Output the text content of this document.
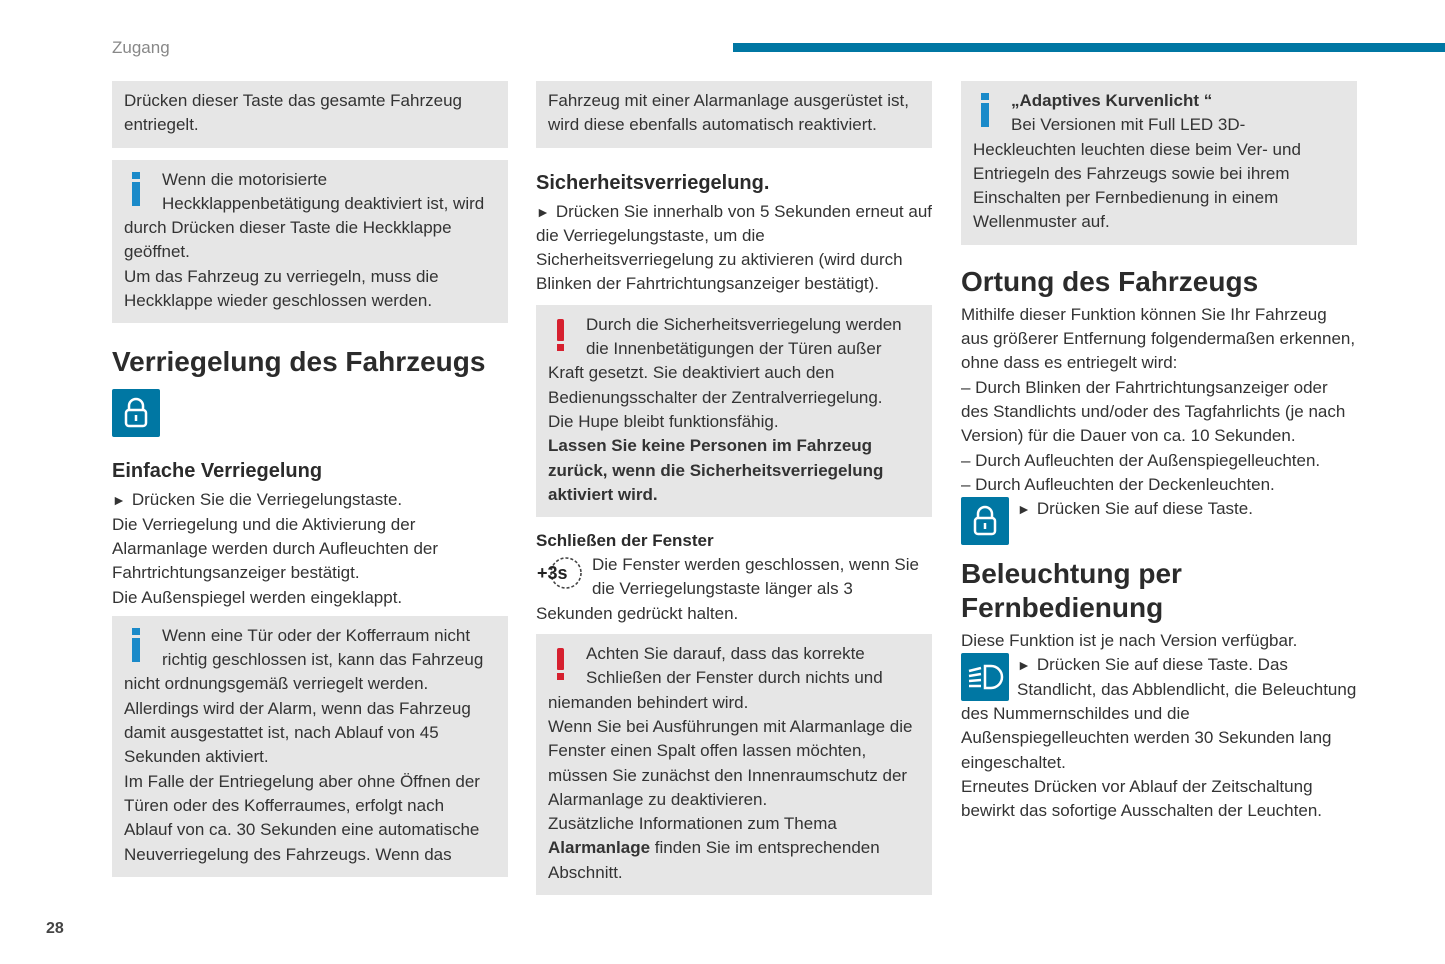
Zugang

Drücken dieser Taste das gesamte Fahrzeug entriegelt.

Wenn die motorisierte Heckklappenbetätigung deaktiviert ist, wird durch Drücken dieser Taste die Heckklappe geöffnet.

Um das Fahrzeug zu verriegeln, muss die Heckklappe wieder geschlossen werden.

Verriegelung des Fahrzeugs
Einfache Verriegelung

► Drücken Sie die Verriegelungstaste.

Die Verriegelung und die Aktivierung der Alarmanlage werden durch Aufleuchten der Fahrtrichtungsanzeiger bestätigt.

Die Außenspiegel werden eingeklappt.

Wenn eine Tür oder der Kofferraum nicht richtig geschlossen ist, kann das Fahrzeug nicht ordnungsgemäß verriegelt werden.

Allerdings wird der Alarm, wenn das Fahrzeug damit ausgestattet ist, nach Ablauf von 45 Sekunden aktiviert.

Im Falle der Entriegelung aber ohne Öffnen der Türen oder des Kofferraumes, erfolgt nach Ablauf von ca. 30 Sekunden eine automatische Neuverriegelung des Fahrzeugs. Wenn das

Fahrzeug mit einer Alarmanlage ausgerüstet ist, wird diese ebenfalls automatisch reaktiviert.

Sicherheitsverriegelung.

► Drücken Sie innerhalb von 5 Sekunden erneut auf die Verriegelungstaste, um die Sicherheitsverriegelung zu aktivieren (wird durch Blinken der Fahrtrichtungsanzeiger bestätigt).

Durch die Sicherheitsverriegelung werden die Innenbetätigungen der Türen außer Kraft gesetzt. Sie deaktiviert auch den Bedienungsschalter der Zentralverriegelung.

Die Hupe bleibt funktionsfähig.

Lassen Sie keine Personen im Fahrzeug zurück, wenn die Sicherheitsverriegelung aktiviert wird.

Schließen der Fenster
+3s	Die Fenster werden geschlossen, wenn Sie die Verriegelungstaste länger als 3 Sekunden gedrückt halten.

Achten Sie darauf, dass das korrekte Schließen der Fenster durch nichts und niemanden behindert wird.

Wenn Sie bei Ausführungen mit Alarmanlage die Fenster einen Spalt offen lassen möchten, müssen Sie zunächst den Innenraumschutz der Alarmanlage zu deaktivieren.

Zusätzliche Informationen zum Thema Alarmanlage finden Sie im entsprechenden Abschnitt.

„Adaptives Kurvenlicht “

Bei Versionen mit Full LED 3D-Heckleuchten leuchten diese beim Ver- und Entriegeln des Fahrzeugs sowie bei ihrem Einschalten per Fernbedienung in einem Wellenmuster auf.

Ortung des Fahrzeugs

Mithilfe dieser Funktion können Sie Ihr Fahrzeug aus größerer Entfernung folgendermaßen erkennen, ohne dass es entriegelt wird:

– Durch Blinken der Fahrtrichtungsanzeiger oder des Standlichts und/oder des Tagfahrlichts (je nach Version) für die Dauer von ca. 10 Sekunden.

– Durch Aufleuchten der Außenspiegelleuchten.

– Durch Aufleuchten der Deckenleuchten.

► Drücken Sie auf diese Taste.

Beleuchtung per Fernbedienung

Diese Funktion ist je nach Version verfügbar.

► Drücken Sie auf diese Taste. Das Standlicht, das Abblendlicht, die Beleuchtung des Nummernschildes und die Außenspiegelleuchten werden 30 Sekunden lang eingeschaltet.

Erneutes Drücken vor Ablauf der Zeitschaltung bewirkt das sofortige Ausschalten der Leuchten.

28
